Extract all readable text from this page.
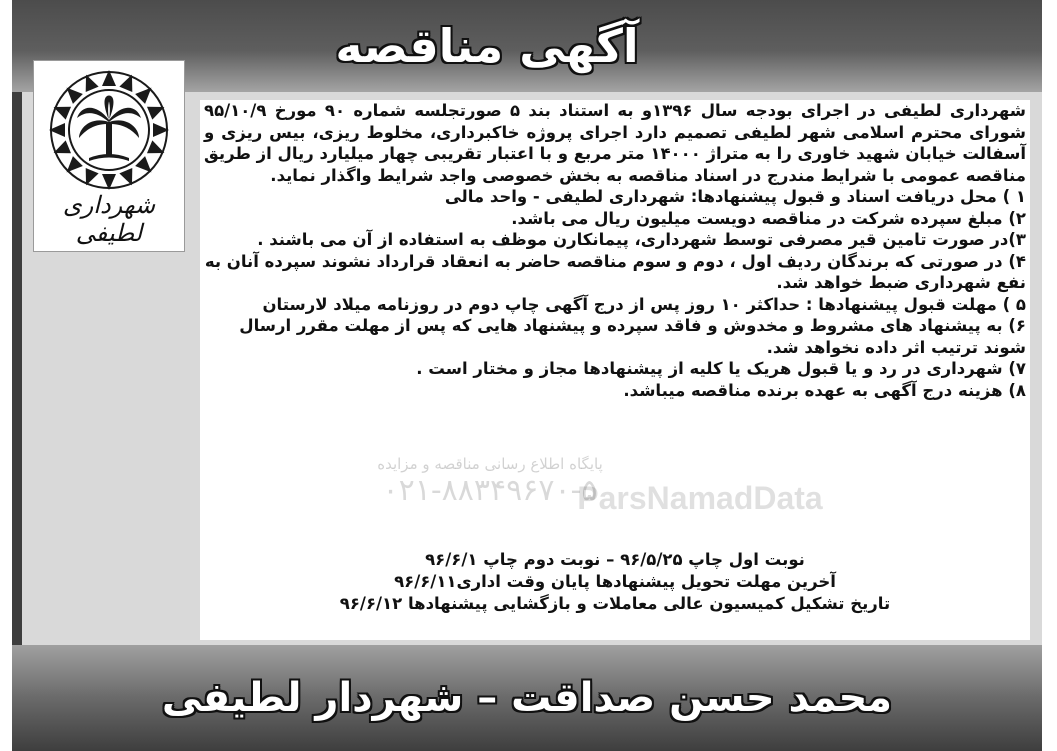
آگهی مناقصه
شهرداری لطیفی
ParsNamadData

شهرداری لطیفی در اجرای بودجه سال ۱۳۹۶و به استناد بند ۵ صورتجلسه شماره ۹۰ مورخ ۹۵/۱۰/۹ شورای محترم اسلامی شهر لطیفی تصمیم دارد اجرای پروژه خاکبرداری، مخلوط ریزی، بیس ریزی و آسفالت خیابان شهید خاوری را به متراژ ۱۴۰۰۰ متر مربع و با اعتبار تقریبی چهار میلیارد ریال از طریق مناقصه عمومی با شرایط مندرج در اسناد مناقصه به بخش خصوصی واجد شرایط واگذار نماید.

۱ ) محل دریافت اسناد و قبول پیشنهادها: شهرداری لطیفی - واحد مالی

۲) مبلغ سپرده شرکت در مناقصه دویست میلیون ریال می باشد.

۳)در صورت تامین قیر مصرفی توسط شهرداری، پیمانکارن موظف به استفاده از آن می باشند .

۴) در صورتی که برندگان ردیف اول ، دوم و سوم مناقصه حاضر به انعقاد قرارداد نشوند سپرده آنان به نفع شهرداری ضبط خواهد شد.

۵ ) مهلت قبول پیشنهادها : حداکثر ۱۰ روز پس از درج آگهی چاپ دوم در روزنامه میلاد لارستان

۶) به پیشنهاد های مشروط و مخدوش و فاقد سپرده و پیشنهاد هایی که پس از مهلت مقرر ارسال شوند ترتیب اثر داده نخواهد شد.

۷) شهرداری در رد و یا قبول هریک یا کلیه از پیشنهادها مجاز و مختار است .

۸) هزینه درج آگهی به عهده برنده مناقصه میباشد.

نوبت اول چاپ ۹۶/۵/۲۵ – نوبت دوم چاپ ۹۶/۶/۱
آخرین مهلت تحویل پیشنهادها پایان وقت اداری۹۶/۶/۱۱
تاریخ تشکیل کمیسیون عالی معاملات و بازگشایی پیشنهادها ۹۶/۶/۱۲
محمد حسن صداقت – شهردار لطیفی
